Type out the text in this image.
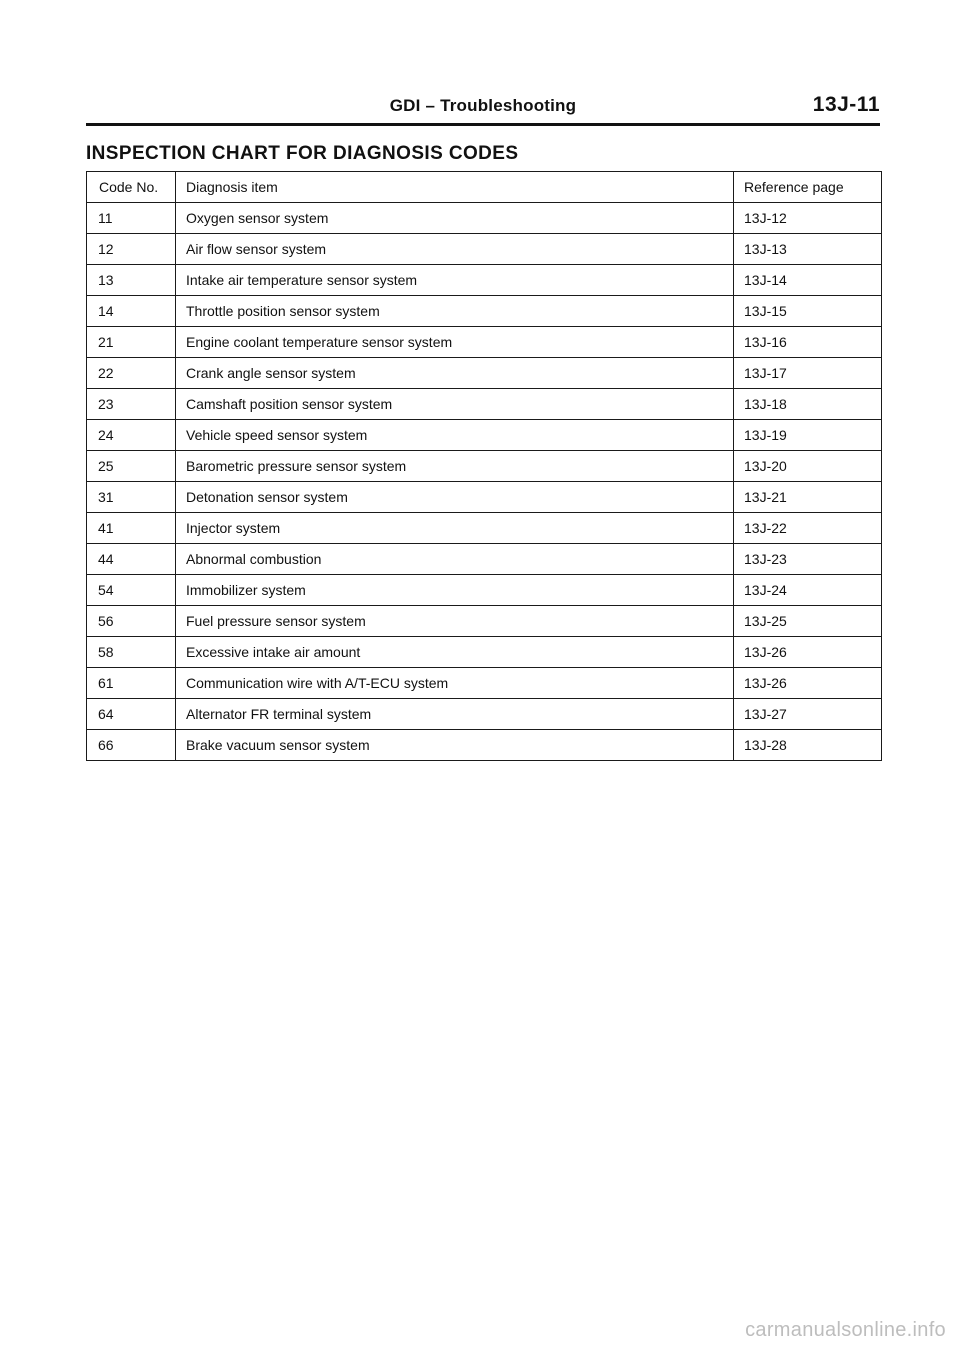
GDI – Troubleshooting	13J-11
INSPECTION CHART FOR DIAGNOSIS CODES
Code No.	Diagnosis item	Reference page
11	Oxygen sensor system	13J-12
12	Air flow sensor system	13J-13
13	Intake air temperature sensor system	13J-14
14	Throttle position sensor system	13J-15
21	Engine coolant temperature sensor system	13J-16
22	Crank angle sensor system	13J-17
23	Camshaft position sensor system	13J-18
24	Vehicle speed sensor system	13J-19
25	Barometric pressure sensor system	13J-20
31	Detonation sensor system	13J-21
41	Injector system	13J-22
44	Abnormal combustion	13J-23
54	Immobilizer system	13J-24
56	Fuel pressure sensor system	13J-25
58	Excessive intake air amount	13J-26
61	Communication wire with A/T-ECU system	13J-26
64	Alternator FR terminal system	13J-27
66	Brake vacuum sensor system	13J-28
carmanualsonline.info
